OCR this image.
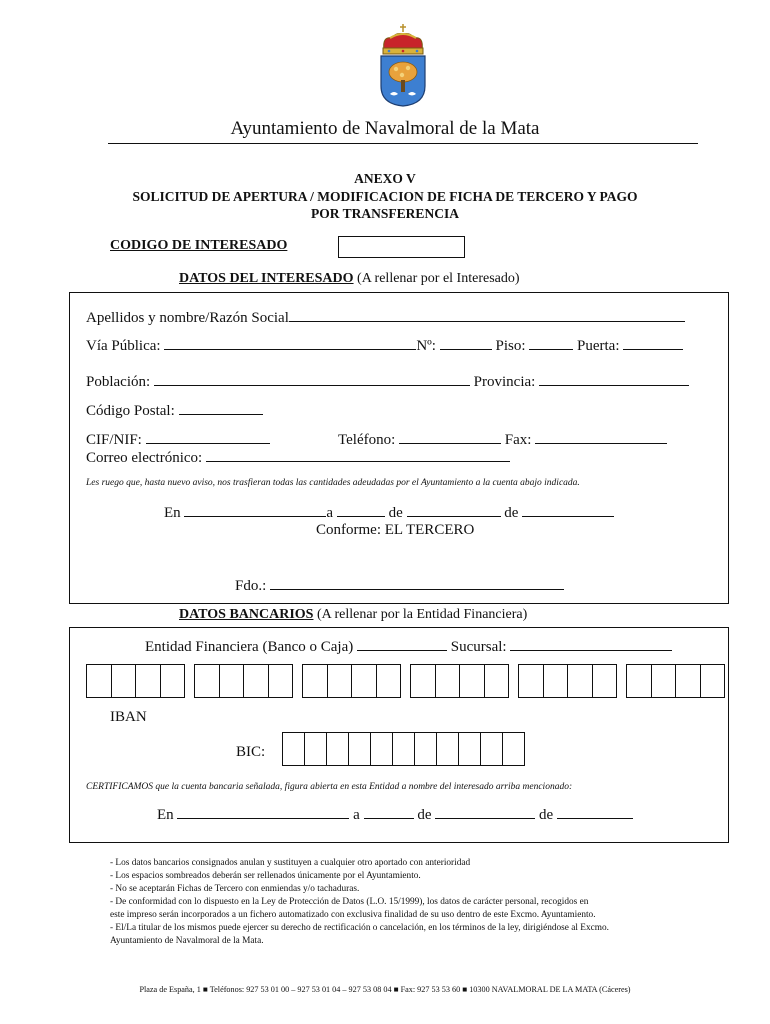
Ayuntamiento de Navalmoral de la Mata
ANEXO V
SOLICITUD DE APERTURA / MODIFICACION DE FICHA DE TERCERO Y PAGO
POR TRANSFERENCIA
CODIGO DE INTERESADO
DATOS DEL INTERESADO (A rellenar por el Interesado)
Apellidos y nombre/Razón Social
Vía Pública:	Nº:	Piso:	Puerta:
Población:	Provincia:
Código Postal:
CIF/NIF:	Teléfono:	Fax:
Correo electrónico:
Les ruego que, hasta nuevo aviso, nos trasfieran todas las cantidades adeudadas por el Ayuntamiento a la cuenta abajo indicada.
En	a	de	de
Conforme: EL TERCERO
Fdo.:
DATOS BANCARIOS (A rellenar por la Entidad Financiera)
Entidad Financiera (Banco o Caja)	Sucursal:
IBAN
BIC:
CERTIFICAMOS que la cuenta bancaria señalada, figura abierta en esta Entidad a nombre del interesado arriba mencionado:
En	a	de	de
- Los datos bancarios consignados anulan y sustituyen a cualquier otro aportado con anterioridad
- Los espacios sombreados deberán ser rellenados únicamente por el Ayuntamiento.
- No se aceptarán Fichas de Tercero con enmiendas y/o tachaduras.
- De conformidad con lo dispuesto en la Ley de Protección de Datos (L.O. 15/1999), los datos de carácter personal, recogidos en
este impreso serán incorporados a un fichero automatizado con exclusiva finalidad de su uso dentro de este Excmo. Ayuntamiento.
- El/La titular de los mismos puede ejercer su derecho de rectificación o cancelación, en los términos de la ley, dirigiéndose al Excmo.
Ayuntamiento de Navalmoral de la Mata.
Plaza de España, 1 ■ Teléfonos: 927 53 01 00 – 927 53 01 04 – 927 53 08 04 ■ Fax: 927 53 53 60 ■ 10300 NAVALMORAL DE LA MATA (Cáceres)
